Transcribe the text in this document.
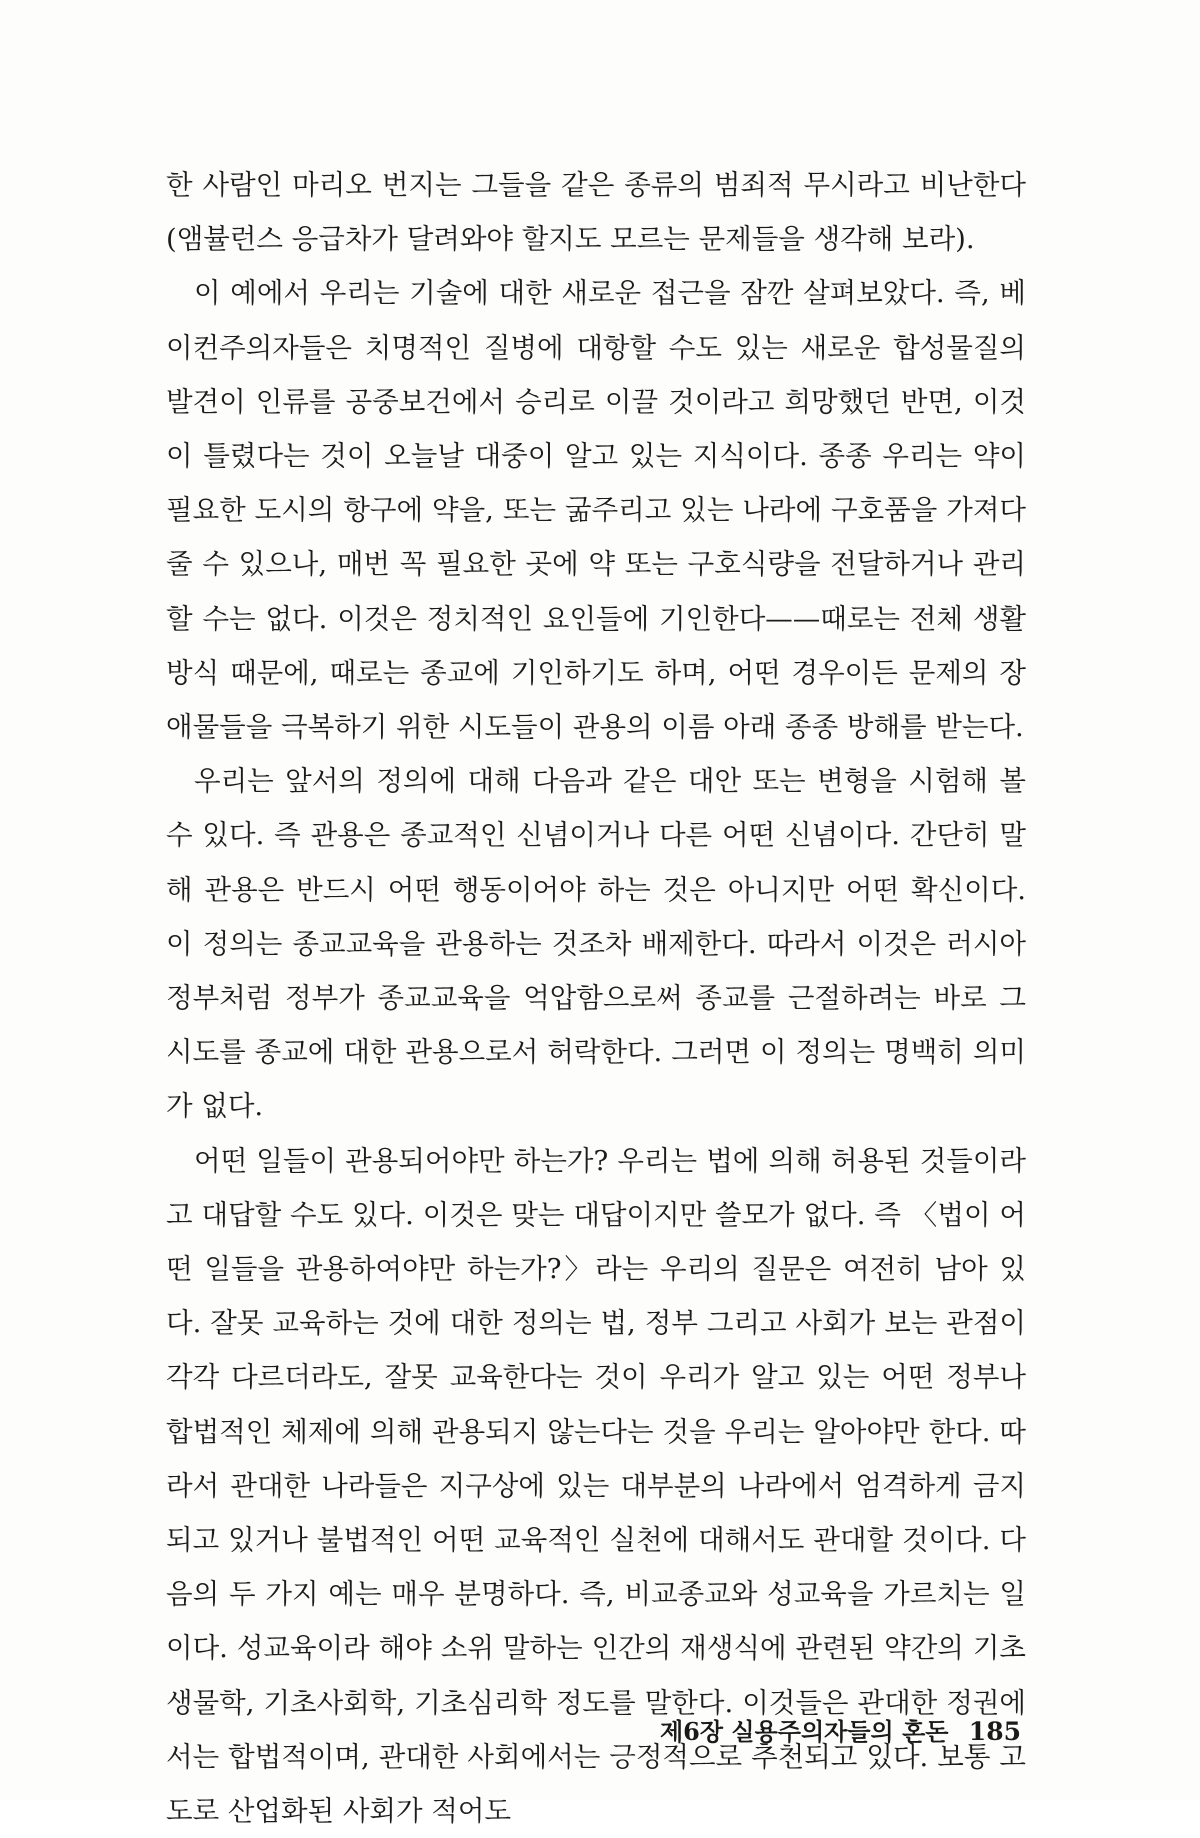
한 사람인 마리오 번지는 그들을 같은 종류의 범죄적 무시라고 비난한다(앰뷸런스 응급차가 달려와야 할지도 모르는 문제들을 생각해 보라).

이 예에서 우리는 기술에 대한 새로운 접근을 잠깐 살펴보았다. 즉, 베이컨주의자들은 치명적인 질병에 대항할 수도 있는 새로운 합성물질의 발견이 인류를 공중보건에서 승리로 이끌 것이라고 희망했던 반면, 이것이 틀렸다는 것이 오늘날 대중이 알고 있는 지식이다. 종종 우리는 약이 필요한 도시의 항구에 약을, 또는 굶주리고 있는 나라에 구호품을 가져다 줄 수 있으나, 매번 꼭 필요한 곳에 약 또는 구호식량을 전달하거나 관리할 수는 없다. 이것은 정치적인 요인들에 기인한다——때로는 전체 생활방식 때문에, 때로는 종교에 기인하기도 하며, 어떤 경우이든 문제의 장애물들을 극복하기 위한 시도들이 관용의 이름 아래 종종 방해를 받는다.

우리는 앞서의 정의에 대해 다음과 같은 대안 또는 변형을 시험해 볼 수 있다. 즉 관용은 종교적인 신념이거나 다른 어떤 신념이다. 간단히 말해 관용은 반드시 어떤 행동이어야 하는 것은 아니지만 어떤 확신이다. 이 정의는 종교교육을 관용하는 것조차 배제한다. 따라서 이것은 러시아정부처럼 정부가 종교교육을 억압함으로써 종교를 근절하려는 바로 그 시도를 종교에 대한 관용으로서 허락한다. 그러면 이 정의는 명백히 의미가 없다.

어떤 일들이 관용되어야만 하는가? 우리는 법에 의해 허용된 것들이라고 대답할 수도 있다. 이것은 맞는 대답이지만 쓸모가 없다. 즉 〈법이 어떤 일들을 관용하여야만 하는가?〉라는 우리의 질문은 여전히 남아 있다. 잘못 교육하는 것에 대한 정의는 법, 정부 그리고 사회가 보는 관점이 각각 다르더라도, 잘못 교육한다는 것이 우리가 알고 있는 어떤 정부나 합법적인 체제에 의해 관용되지 않는다는 것을 우리는 알아야만 한다. 따라서 관대한 나라들은 지구상에 있는 대부분의 나라에서 엄격하게 금지되고 있거나 불법적인 어떤 교육적인 실천에 대해서도 관대할 것이다. 다음의 두 가지 예는 매우 분명하다. 즉, 비교종교와 성교육을 가르치는 일이다. 성교육이라 해야 소위 말하는 인간의 재생식에 관련된 약간의 기초생물학, 기초사회학, 기초심리학 정도를 말한다. 이것들은 관대한 정권에서는 합법적이며, 관대한 사회에서는 긍정적으로 추천되고 있다. 보통 고도로 산업화된 사회가 적어도

제6장 실용주의자들의 혼돈 185
